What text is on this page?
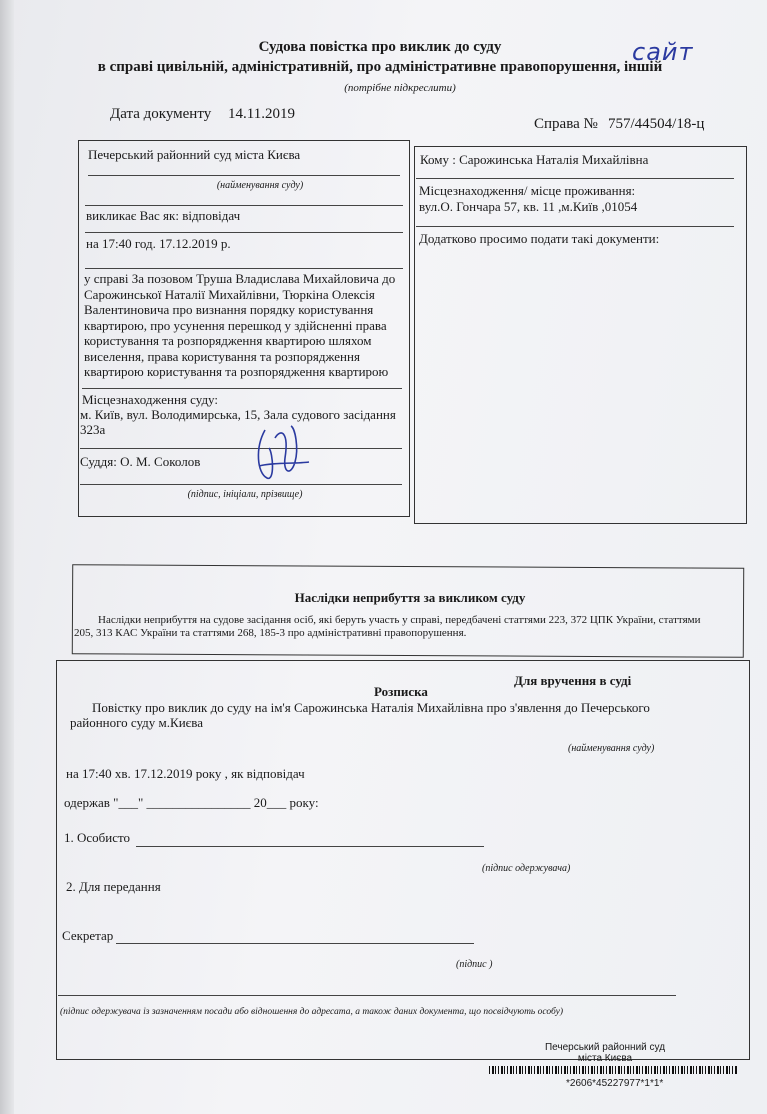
сайт
Судова повістка про виклик до суду
в справі цивільній, адміністративній, про адміністративне правопорушення, іншій
(потрібне підкреслити)
Дата документу 14.11.2019
Справа № 757/44504/18-ц
Печерський районний суд міста Києва
(найменування суду)
викликає Вас як: відповідач
на 17:40 год. 17.12.2019 р.
у справі За позовом Труша Владислава Михайловича до Сарожинської Наталії Михайлівни, Тюркіна Олексія Валентиновича про визнання порядку користування квартирою, про усунення перешкод у здійсненні права користування та розпорядження квартирою шляхом виселення, права користування та розпорядження квартирою користування та розпорядження квартирою
Місцезнаходження суду:
м. Київ, вул. Володимирська, 15, Зала судового засідання 323а
Суддя: О. М. Соколов
(підпис, ініціали, прізвище)
Кому : Сарожинська Наталія Михайлівна
Місцезнаходження/ місце проживання:
вул.О. Гончара 57, кв. 11 ,м.Київ ,01054
Додатково просимо подати такі документи:
Наслідки неприбуття за викликом суду
Наслідки неприбуття на судове засідання осіб, які беруть участь у справі, передбачені статтями 223, 372 ЦПК України, статтями 205, 313 КАС України та статтями 268, 185-3 про адміністративні правопорушення.
Для вручення в суді
Розписка
Повістку про виклик до суду на ім'я Сарожинська Наталія Михайлівна про з'явлення до Печерського
районного суду м.Києва
(найменування суду)
на 17:40 хв. 17.12.2019 року , як відповідач
одержав "___" ________________ 20___ року:
1. Особисто
(підпис одержувача)
2. Для передання
Секретар
(підпис )
(підпис одержувача із зазначенням посади або відношення до адресата, а також даних документа, що посвідчують особу)
Печерський районний суд
міста Києва
*2606*45227977*1*1*
